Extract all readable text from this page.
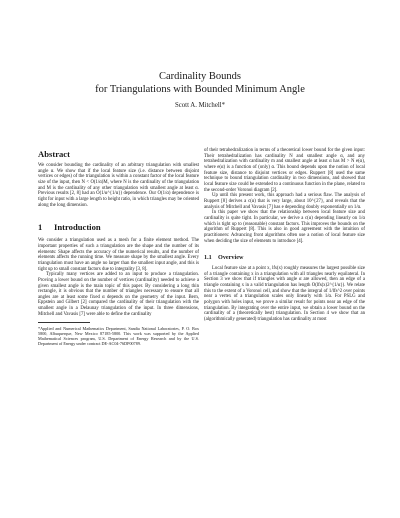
Cardinality Bounds
for Triangulations with Bounded Minimum Angle
Scott A. Mitchell*
Abstract

We consider bounding the cardinality of an arbitrary triangulation with smallest angle α. We show that if the local feature size (i.e. distance between disjoint vertices or edges) of the triangulation is within a constant factor of the local feature size of the input, then N < O(1/α)M, where N is the cardinality of the triangulation and M is the cardinality of any other triangulation with smallest angle at least α. Previous results [2, 8] had an O(1/α^{1/α}) dependence. Our O(1/α) dependence is tight for input with a large length to height ratio, in which triangles may be oriented along the long dimension.

1 Introduction

We consider a triangulation used as a mesh for a finite element method. The important properties of such a triangulation are the shape and the number of its elements: Shape affects the accuracy of the numerical results, and the number of elements affects the running time. We measure shape by the smallest angle. Every triangulation must have an angle no larger than the smallest input angle, and this is tight up to small constant factors due to integrality [3, 8].

Typically many vertices are added to an input to produce a triangulation. Proving a lower bound on the number of vertices (cardinality) needed to achieve a given smallest angle is the main topic of this paper. By considering a long thin rectangle, it is obvious that the number of triangles necessary to ensure that all angles are at least some fixed α depends on the geometry of the input. Bern, Eppstein and Gilbert [2] compared the cardinality of their triangulation with the smallest angle in a Delaunay triangulation of the input. In three dimensions, Mitchell and Vavasis [7] were able to define the cardinality

*Applied and Numerical Mathematics Department, Sandia National Laboratories, P. O. Box 5800, Albuquerque, New Mexico 87185-5800. This work was supported by the Applied Mathematical Sciences program, U.S. Department of Energy Research and by the U.S. Department of Energy under contract DE-AC04-76DP00789.

of their tetrahedralization in terms of a theoretical lower bound for the given input: Their tetrahedralization has cardinality N and smallest angle α, and any tetrahedralization with cardinality m and smallest angle at least α has M > N e(α), where e(α) is a function of (only) α. This bound depends upon the notion of local feature size, distance to disjoint vertices or edges. Ruppert [8] used the same technique to bound triangulation cardinality in two dimensions, and showed that local feature size could be extended to a continuous function in the plane, related to the second-order Voronoi diagram [2].

Up until this present work, this approach had a serious flaw. The analysis of Ruppert [8] derives a c(α) that is very large, about 10^{27}, and reveals that the analysis of Mitchell and Vavasis [7] has e depending doubly exponentially on 1/α.

In this paper we show that the relationship between local feature size and cardinality is quite tight. In particular, we derive a c(α) depending linearly on 1/α which is tight up to (reasonable) constant factors. This improves the bounds on the algorithm of Ruppert [8]. This is also in good agreement with the intuition of practitioners: Advancing front algorithms often use a notion of local feature size when deciding the size of elements to introduce [4].

1.1 Overview

Local feature size at a point x, lfs(x) roughly measures the largest possible size of a triangle containing x in a triangulation with all triangles nearly equilateral. In Section 3 we show that if triangles with angle α are allowed, then an edge of a triangle containing x in a valid triangulation has length O(lfs(x)2^{1/α}). We relate this to the extent of a Voronoi cell, and show that the integral of 1/lfs^2 over points near a vertex of a triangulation scales only linearly with 1/α. For PSLG and polygon with holes input, we prove a similar result for points near an edge of the triangulation. By integrating over the entire input, we obtain a lower bound on the cardinality of a (theoretically best) triangulation. In Section 4 we show that an (algorithmically generated) triangulation has cardinality at most
